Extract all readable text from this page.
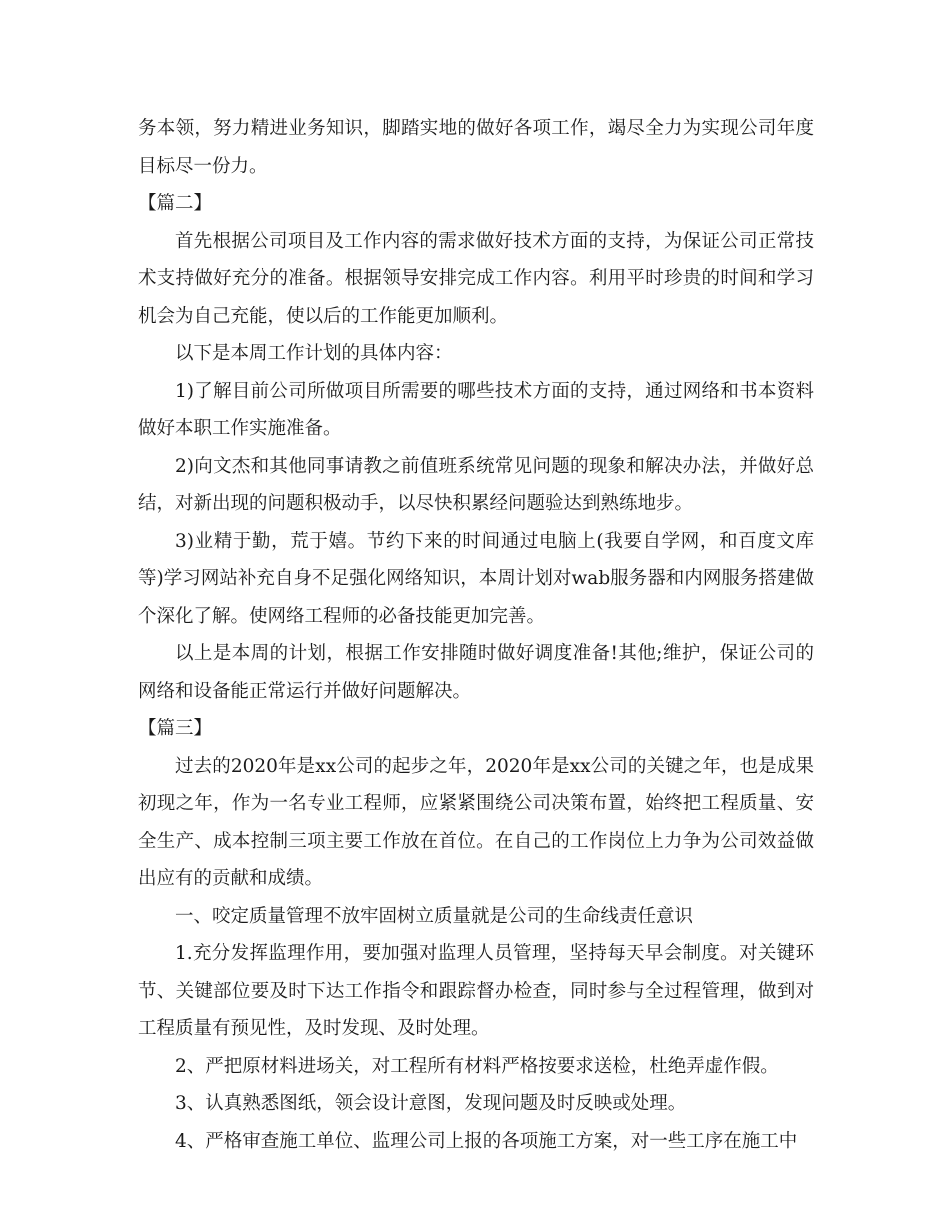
务本领，努力精进业务知识，脚踏实地的做好各项工作，竭尽全力为实现公司年度目标尽一份力。

【篇二】

首先根据公司项目及工作内容的需求做好技术方面的支持，为保证公司正常技术支持做好充分的准备。根据领导安排完成工作内容。利用平时珍贵的时间和学习机会为自己充能，使以后的工作能更加顺利。

以下是本周工作计划的具体内容：

1)了解目前公司所做项目所需要的哪些技术方面的支持，通过网络和书本资料做好本职工作实施准备。

2)向文杰和其他同事请教之前值班系统常见问题的现象和解决办法，并做好总结，对新出现的问题积极动手，以尽快积累经问题验达到熟练地步。

3)业精于勤，荒于嬉。节约下来的时间通过电脑上(我要自学网，和百度文库等)学习网站补充自身不足强化网络知识，本周计划对wab服务器和内网服务搭建做个深化了解。使网络工程师的必备技能更加完善。

以上是本周的计划，根据工作安排随时做好调度准备!其他;维护，保证公司的网络和设备能正常运行并做好问题解决。

【篇三】

过去的2020年是xx公司的起步之年，2020年是xx公司的关键之年，也是成果初现之年，作为一名专业工程师，应紧紧围绕公司决策布置，始终把工程质量、安全生产、成本控制三项主要工作放在首位。在自己的工作岗位上力争为公司效益做出应有的贡献和成绩。

一、咬定质量管理不放牢固树立质量就是公司的生命线责任意识

1.充分发挥监理作用，要加强对监理人员管理，坚持每天早会制度。对关键环节、关键部位要及时下达工作指令和跟踪督办检查，同时参与全过程管理，做到对工程质量有预见性，及时发现、及时处理。

2、严把原材料进场关，对工程所有材料严格按要求送检，杜绝弄虚作假。

3、认真熟悉图纸，领会设计意图，发现问题及时反映或处理。

4、严格审查施工单位、监理公司上报的各项施工方案，对一些工序在施工中
